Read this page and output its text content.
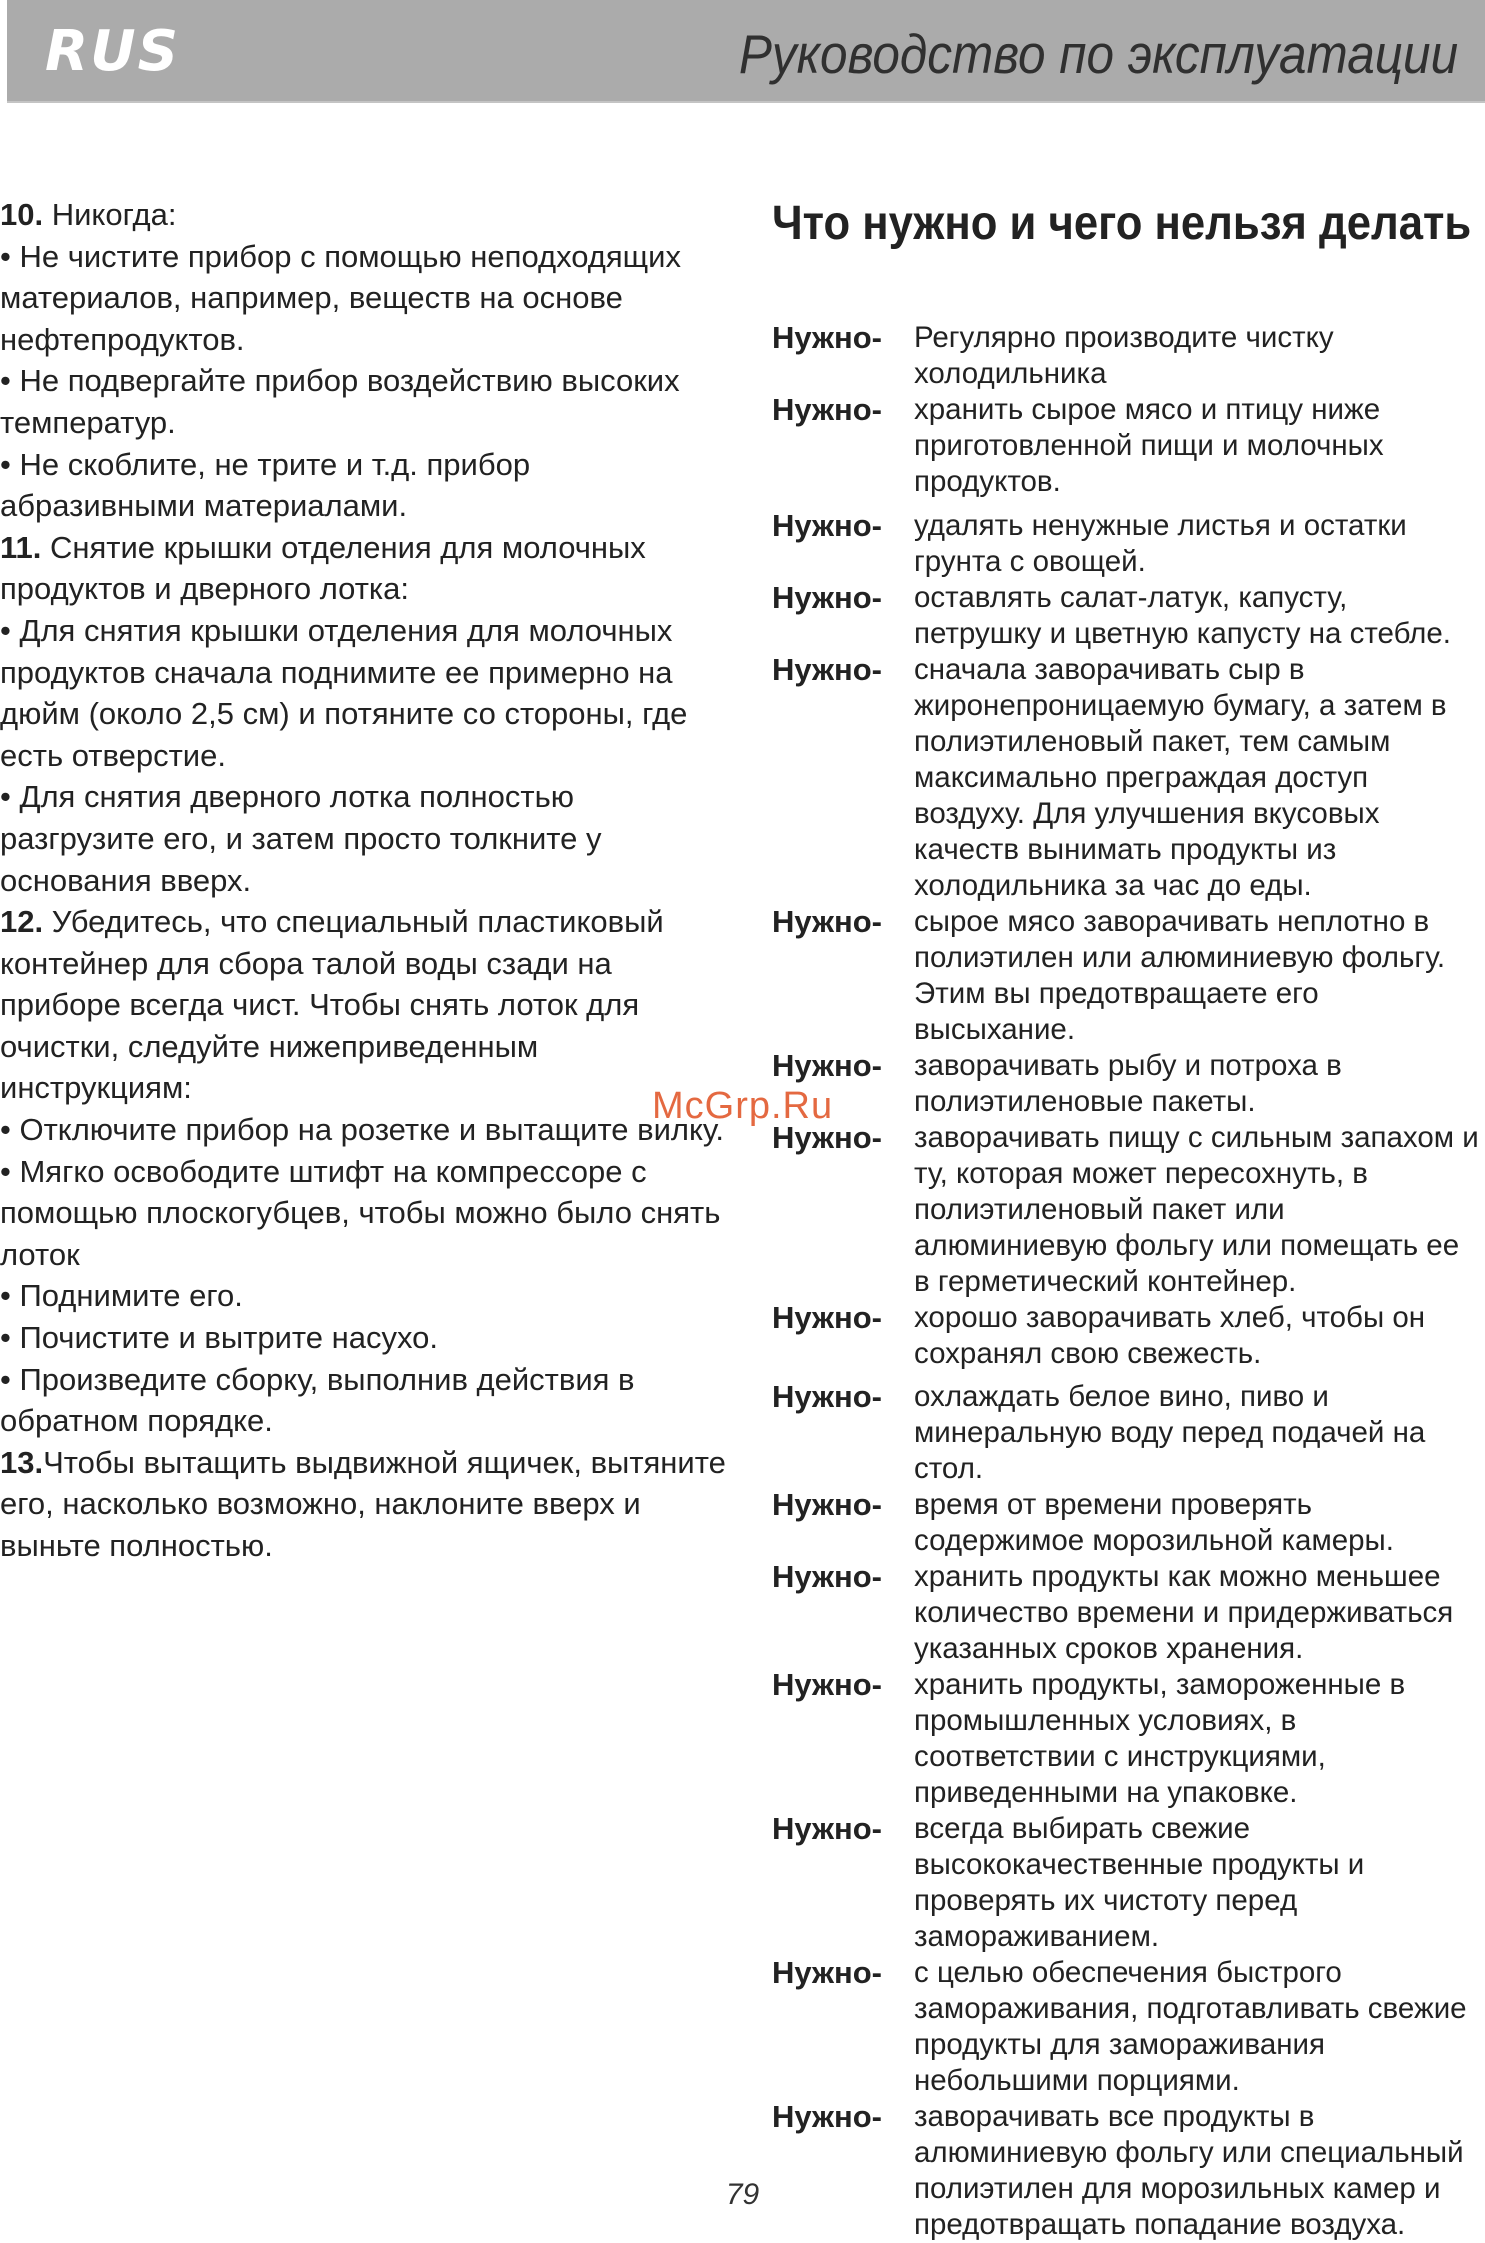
RUS	Руководство по эксплуатации

10. Никогда:

• Не чистите прибор с помощью неподходящих материалов, например, веществ на основе нефтепродуктов.

• Не подвергайте прибор воздействию высоких температур.

• Не скоблите, не трите и т.д. прибор абразивными материалами.

11. Снятие крышки отделения для молочных продуктов и дверного лотка:

• Для снятия крышки отделения для молочных продуктов сначала поднимите ее примерно на дюйм (около 2,5 см) и потяните со стороны, где есть отверстие.

• Для снятия дверного лотка полностью разгрузите его, и затем просто толкните у основания вверх.

12. Убедитесь, что специальный пластиковый контейнер для сбора талой воды сзади на приборе всегда чист. Чтобы снять лоток для очистки, следуйте нижеприведенным инструкциям:

• Отключите прибор на розетке и вытащите вилку.

• Мягко освободите штифт на компрессоре с помощью плоскогубцев, чтобы можно было снять лоток

• Поднимите его.

• Почистите и вытрите насухо.

• Произведите сборку, выполнив действия в обратном порядке.

13.Чтобы вытащить выдвижной ящичек, вытяните его, насколько возможно, наклоните вверх и выньте полностью.

Что нужно и чего нельзя делать
Нужно-	Регулярно производите чистку холодильника
Нужно-	хранить сырое мясо и птицу ниже приготовленной пищи и молочных продуктов.
Нужно-	удалять ненужные листья и остатки грунта с овощей.
Нужно-	оставлять салат-латук, капусту, петрушку и цветную капусту на стебле.
Нужно-	сначала заворачивать сыр в жиронепроницаемую бумагу, а затем в полиэтиленовый пакет, тем самым максимально преграждая доступ воздуху. Для улучшения вкусовых качеств вынимать продукты из холодильника за час до еды.
Нужно-	сырое мясо заворачивать неплотно в полиэтилен или алюминиевую фольгу. Этим вы предотвращаете его высыхание.
Нужно-	заворачивать рыбу и потроха в полиэтиленовые пакеты.
Нужно-	заворачивать пищу с сильным запахом и ту, которая может пересохнуть, в полиэтиленовый пакет или алюминиевую фольгу или помещать ее в герметический контейнер.
Нужно-	хорошо заворачивать хлеб, чтобы он сохранял свою свежесть.
Нужно-	охлаждать белое вино, пиво и минеральную воду перед подачей на стол.
Нужно-	время от времени проверять содержимое морозильной камеры.
Нужно-	хранить продукты как можно меньшее количество времени и придерживаться указанных сроков хранения.
Нужно-	хранить продукты, замороженные в промышленных условиях, в соответствии с инструкциями, приведенными на упаковке.
Нужно-	всегда выбирать свежие высококачественные продукты и проверять их чистоту перед замораживанием.
Нужно-	с целью обеспечения быстрого замораживания, подготавливать свежие продукты для замораживания небольшими порциями.
Нужно-	заворачивать все продукты в алюминиевую фольгу или специальный полиэтилен для морозильных камер и предотвращать попадание воздуха.
McGrp.Ru
79
